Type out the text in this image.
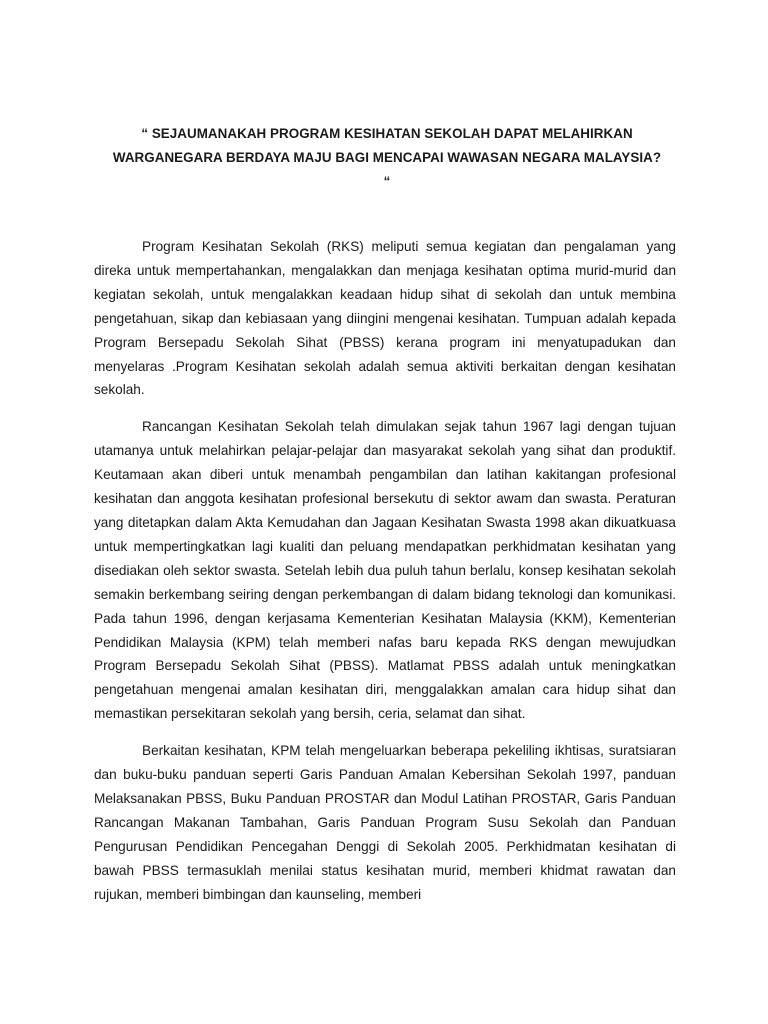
“ SEJAUMANAKAH PROGRAM KESIHATAN SEKOLAH DAPAT MELAHIRKAN
WARGANEGARA BERDAYA MAJU BAGI MENCAPAI WAWASAN NEGARA MALAYSIA?
“

Program Kesihatan Sekolah (RKS) meliputi semua kegiatan dan pengalaman yang direka untuk mempertahankan, mengalakkan dan menjaga kesihatan optima murid-murid dan kegiatan sekolah, untuk mengalakkan keadaan hidup sihat di sekolah dan untuk membina pengetahuan, sikap dan kebiasaan yang diingini mengenai kesihatan. Tumpuan adalah kepada Program Bersepadu Sekolah Sihat (PBSS) kerana program ini menyatupadukan dan menyelaras .Program Kesihatan sekolah adalah semua aktiviti berkaitan dengan kesihatan sekolah.

Rancangan Kesihatan Sekolah telah dimulakan sejak tahun 1967 lagi dengan tujuan utamanya untuk melahirkan pelajar-pelajar dan masyarakat sekolah yang sihat dan produktif. Keutamaan akan diberi untuk menambah pengambilan dan latihan kakitangan profesional kesihatan dan anggota kesihatan profesional bersekutu di sektor awam dan swasta. Peraturan yang ditetapkan dalam Akta Kemudahan dan Jagaan Kesihatan Swasta 1998 akan dikuatkuasa untuk mempertingkatkan lagi kualiti dan peluang mendapatkan perkhidmatan kesihatan yang disediakan oleh sektor swasta. Setelah lebih dua puluh tahun berlalu, konsep kesihatan sekolah semakin berkembang seiring dengan perkembangan di dalam bidang teknologi dan komunikasi. Pada tahun 1996, dengan kerjasama Kementerian Kesihatan Malaysia (KKM), Kementerian Pendidikan Malaysia (KPM) telah memberi nafas baru kepada RKS dengan mewujudkan Program Bersepadu Sekolah Sihat (PBSS). Matlamat PBSS adalah untuk meningkatkan pengetahuan mengenai amalan kesihatan diri, menggalakkan amalan cara hidup sihat dan memastikan persekitaran sekolah yang bersih, ceria, selamat dan sihat.

Berkaitan kesihatan, KPM telah mengeluarkan beberapa pekeliling ikhtisas, suratsiaran dan buku-buku panduan seperti Garis Panduan Amalan Kebersihan Sekolah 1997, panduan Melaksanakan PBSS, Buku Panduan PROSTAR dan Modul Latihan PROSTAR, Garis Panduan Rancangan Makanan Tambahan, Garis Panduan Program Susu Sekolah dan Panduan Pengurusan Pendidikan Pencegahan Denggi di Sekolah 2005. Perkhidmatan kesihatan di bawah PBSS termasuklah menilai status kesihatan murid, memberi khidmat rawatan dan rujukan, memberi bimbingan dan kaunseling, memberi
